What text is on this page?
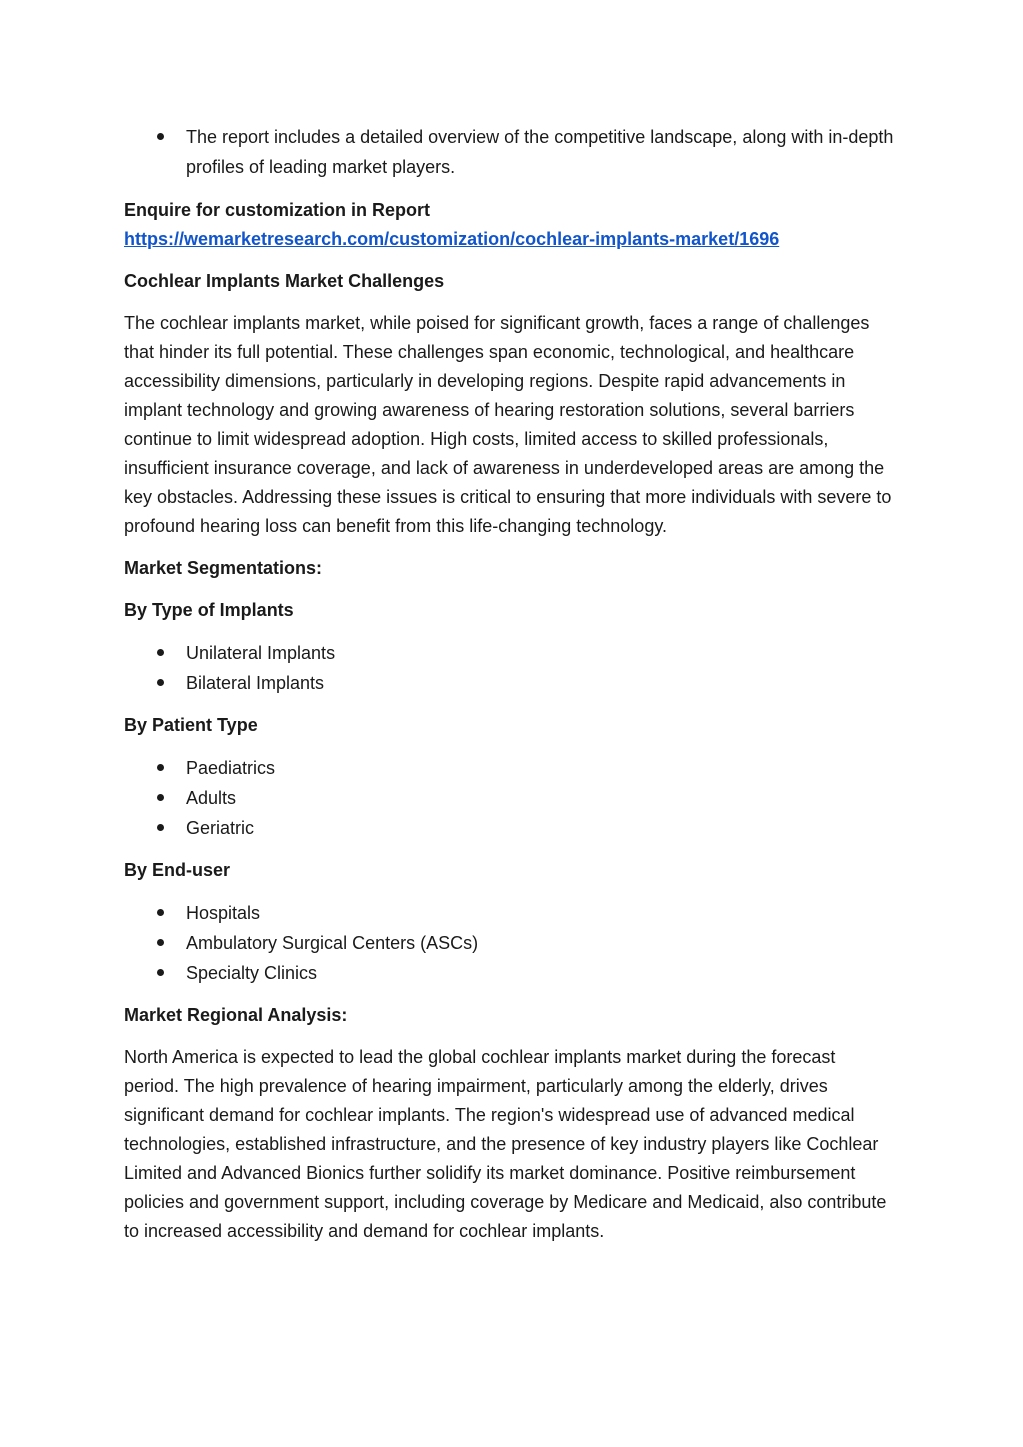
The report includes a detailed overview of the competitive landscape, along with in-depth profiles of leading market players.

Enquire for customization in Report

https://wemarketresearch.com/customization/cochlear-implants-market/1696

Cochlear Implants Market Challenges

The cochlear implants market, while poised for significant growth, faces a range of challenges that hinder its full potential. These challenges span economic, technological, and healthcare accessibility dimensions, particularly in developing regions. Despite rapid advancements in implant technology and growing awareness of hearing restoration solutions, several barriers continue to limit widespread adoption. High costs, limited access to skilled professionals, insufficient insurance coverage, and lack of awareness in underdeveloped areas are among the key obstacles. Addressing these issues is critical to ensuring that more individuals with severe to profound hearing loss can benefit from this life-changing technology.

Market Segmentations:

By Type of Implants

Unilateral Implants
Bilateral Implants

By Patient Type

Paediatrics
Adults
Geriatric

By End-user

Hospitals
Ambulatory Surgical Centers (ASCs)
Specialty Clinics

Market Regional Analysis:

North America is expected to lead the global cochlear implants market during the forecast period. The high prevalence of hearing impairment, particularly among the elderly, drives significant demand for cochlear implants. The region's widespread use of advanced medical technologies, established infrastructure, and the presence of key industry players like Cochlear Limited and Advanced Bionics further solidify its market dominance. Positive reimbursement policies and government support, including coverage by Medicare and Medicaid, also contribute to increased accessibility and demand for cochlear implants.
